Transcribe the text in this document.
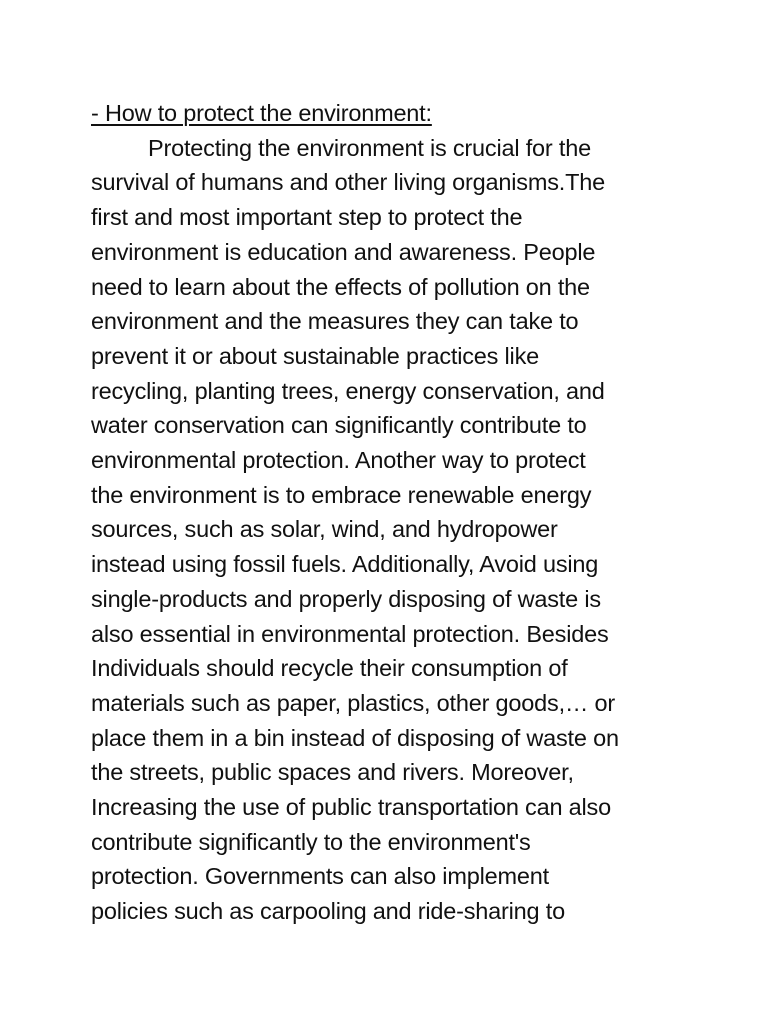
- How to protect the environment:
Protecting the environment is crucial for the
survival of humans and other living organisms.The
first and most important step to protect the
environment is education and awareness. People
need to learn about the effects of pollution on the
environment and the measures they can take to
prevent it or about sustainable practices like
recycling, planting trees, energy conservation, and
water conservation can significantly contribute to
environmental protection. Another way to protect
the environment is to embrace renewable energy
sources, such as solar, wind, and hydropower
instead using fossil fuels. Additionally, Avoid using
single-products and properly disposing of waste is
also essential in environmental protection. Besides
Individuals should recycle their consumption of
materials such as paper, plastics, other goods,… or
place them in a bin instead of disposing of waste on
the streets, public spaces and rivers. Moreover,
Increasing the use of public transportation can also
contribute significantly to the environment's
protection. Governments can also implement
policies such as carpooling and ride-sharing to
